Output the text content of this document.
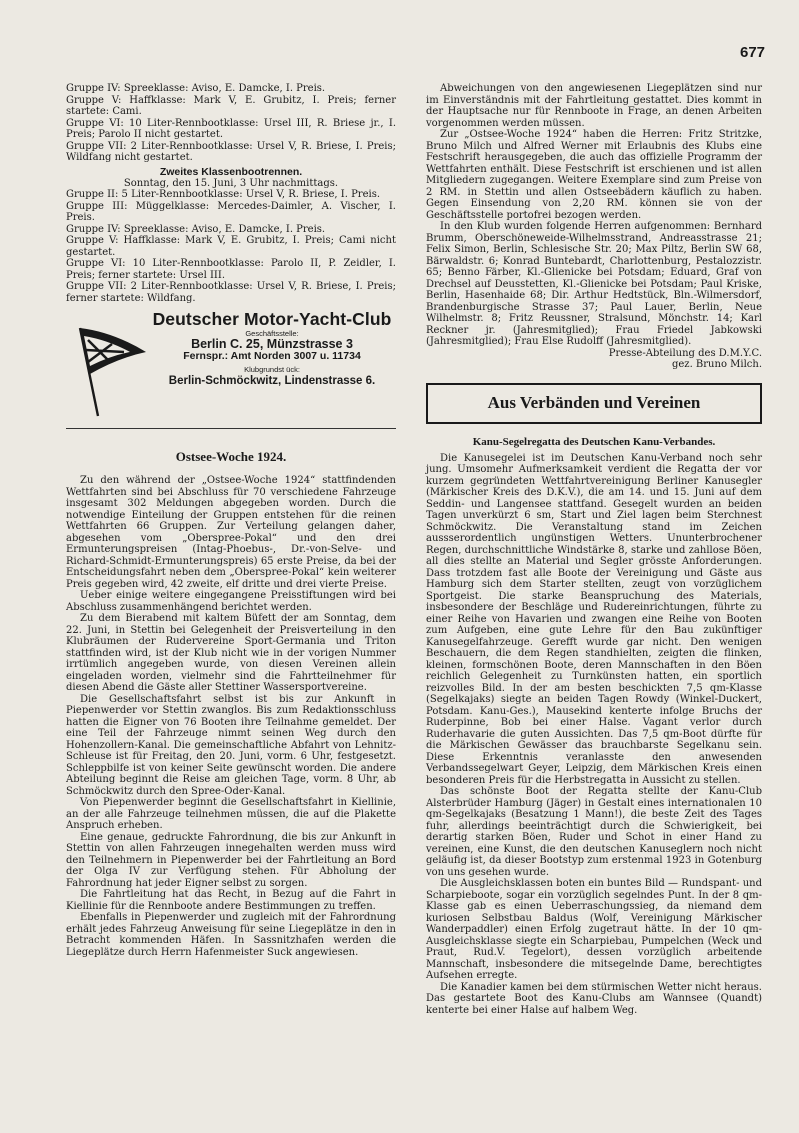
677

Gruppe IV: Spreeklasse: Aviso, E. Damcke, I. Preis.

Gruppe V: Haffklasse: Mark V, E. Grubitz, I. Preis; ferner startete: Cami.

Gruppe VI: 10 Liter-Rennbootklasse: Ursel III, R. Briese jr., I. Preis; Parolo II nicht gestartet.

Gruppe VII: 2 Liter-Rennbootklasse: Ursel V, R. Briese, I. Preis; Wildfang nicht gestartet.

Zweites Klassenbootrennen.

Sonntag, den 15. Juni, 3 Uhr nachmittags.

Gruppe II: 5 Liter-Rennbootklasse: Ursel V, R. Briese, I. Preis.

Gruppe III: Müggelklasse: Mercedes-Daimler, A. Vischer, I. Preis.

Gruppe IV: Spreeklasse: Aviso, E. Damcke, I. Preis.

Gruppe V: Haffklasse: Mark V, E. Grubitz, I. Preis; Cami nicht gestartet.

Gruppe VI: 10 Liter-Rennbootklasse: Parolo II, P. Zeidler, I. Preis; ferner startete: Ursel III.

Gruppe VII: 2 Liter-Rennbootklasse: Ursel V, R. Briese, I. Preis; ferner startete: Wildfang.

Deutscher Motor-Yacht-Club
Geschäftsstelle:
Berlin C. 25, Münzstrasse 3
Fernspr.: Amt Norden 3007 u. 11734
Klubgrundst ück:
Berlin-Schmöckwitz, Lindenstrasse 6.
Ostsee-Woche 1924.

Zu den während der „Ostsee-Woche 1924“ stattfindenden Wettfahrten sind bei Abschluss für 70 verschiedene Fahrzeuge insgesamt 302 Meldungen abgegeben worden. Durch die notwendige Einteilung der Gruppen entstehen für die reinen Wettfahrten 66 Gruppen. Zur Verteilung gelangen daher, abgesehen vom „Oberspree-Pokal“ und den drei Ermunterungspreisen (Intag-Phoebus-, Dr.-von-Selve- und Richard-Schmidt-Ermunterungspreis) 65 erste Preise, da bei der Entscheidungsfahrt neben dem „Oberspree-Pokal“ kein weiterer Preis gegeben wird, 42 zweite, elf dritte und drei vierte Preise.

Ueber einige weitere eingegangene Preisstiftungen wird bei Abschluss zusammenhängend berichtet werden.

Zu dem Bierabend mit kaltem Büfett der am Sonntag, dem 22. Juni, in Stettin bei Gelegenheit der Preisverteilung in den Klubräumen der Rudervereine Sport-Germania und Triton stattfinden wird, ist der Klub nicht wie in der vorigen Nummer irrtümlich angegeben wurde, von diesen Vereinen allein eingeladen worden, vielmehr sind die Fahrtteilnehmer für diesen Abend die Gäste aller Stettiner Wassersportvereine.

Die Gesellschaftsfahrt selbst ist bis zur Ankunft in Piepenwerder vor Stettin zwanglos. Bis zum Redaktionsschluss hatten die Eigner von 76 Booten ihre Teilnahme gemeldet. Der eine Teil der Fahrzeuge nimmt seinen Weg durch den Hohenzollern-Kanal. Die gemeinschaftliche Abfahrt von Lehnitz-Schleuse ist für Freitag, den 20. Juni, vorm. 6 Uhr, festgesetzt. Schleppbilfe ist von keiner Seite gewünscht worden. Die andere Abteilung beginnt die Reise am gleichen Tage, vorm. 8 Uhr, ab Schmöckwitz durch den Spree-Oder-Kanal.

Von Piepenwerder beginnt die Gesellschaftsfahrt in Kiellinie, an der alle Fahrzeuge teilnehmen müssen, die auf die Plakette Anspruch erheben.

Eine genaue, gedruckte Fahrordnung, die bis zur Ankunft in Stettin von allen Fahrzeugen innegehalten werden muss wird den Teilnehmern in Piepenwerder bei der Fahrtleitung an Bord der Olga IV zur Verfügung stehen. Für Abholung der Fahrordnung hat jeder Eigner selbst zu sorgen.

Die Fahrtleitung hat das Recht, in Bezug auf die Fahrt in Kiellinie für die Rennboote andere Bestimmungen zu treffen.

Ebenfalls in Piepenwerder und zugleich mit der Fahrordnung erhält jedes Fahrzeug Anweisung für seine Liegeplätze in den in Betracht kommenden Häfen. In Sassnitzhafen werden die Liegeplätze durch Herrn Hafenmeister Suck angewiesen.

Abweichungen von den angewiesenen Liegeplätzen sind nur im Einverständnis mit der Fahrtleitung gestattet. Dies kommt in der Hauptsache nur für Rennboote in Frage, an denen Arbeiten vorgenommen werden müssen.

Zur „Ostsee-Woche 1924“ haben die Herren: Fritz Stritzke, Bruno Milch und Alfred Werner mit Erlaubnis des Klubs eine Festschrift herausgegeben, die auch das offizielle Programm der Wettfahrten enthält. Diese Festschrift ist erschienen und ist allen Mitgliedern zugegangen. Weitere Exemplare sind zum Preise von 2 RM. in Stettin und allen Ostseebädern käuflich zu haben. Gegen Einsendung von 2,20 RM. können sie von der Geschäftsstelle portofrei bezogen werden.

In den Klub wurden folgende Herren aufgenommen: Bernhard Brumm, Oberschöneweide-Wilhelmsstrand, Andreasstrasse 21; Felix Simon, Berlin, Schlesische Str. 20; Max Piltz, Berlin SW 68, Bärwaldstr. 6; Konrad Buntebardt, Charlottenburg, Pestalozzistr. 65; Benno Färber, Kl.-Glienicke bei Potsdam; Eduard, Graf von Drechsel auf Deusstetten, Kl.-Glienicke bei Potsdam; Paul Kriske, Berlin, Hasenhaide 68; Dir. Arthur Hedtstück, Bln.-Wilmersdorf, Brandenburgische Strasse 37; Paul Lauer, Berlin, Neue Wilhelmstr. 8; Fritz Reussner, Stralsund, Mönchstr. 14; Karl Reckner jr. (Jahresmitglied); Frau Friedel Jabkowski (Jahresmitglied); Frau Else Rudolff (Jahresmitglied).

Presse-Abteilung des D.M.Y.C.

gez. Bruno Milch.

Aus Verbänden und Vereinen
Kanu-Segelregatta des Deutschen Kanu-Verbandes.

Die Kanusegelei ist im Deutschen Kanu-Verband noch sehr jung. Umsomehr Aufmerksamkeit verdient die Regatta der vor kurzem gegründeten Wettfahrtvereinigung Berliner Kanusegler (Märkischer Kreis des D.K.V.), die am 14. und 15. Juni auf dem Seddin- und Langensee stattfand. Gesegelt wurden an beiden Tagen unverkürzt 6 sm, Start und Ziel lagen beim Sterchnest Schmöckwitz. Die Veranstaltung stand im Zeichen aussserordentlich ungünstigen Wetters. Ununterbrochener Regen, durchschnittliche Windstärke 8, starke und zahllose Böen, all dies stellte an Material und Segler grösste Anforderungen. Dass trotzdem fast alle Boote der Vereinigung und Gäste aus Hamburg sich dem Starter stellten, zeugt von vorzüglichem Sportgeist. Die starke Beanspruchung des Materials, insbesondere der Beschläge und Rudereinrichtungen, führte zu einer Reihe von Havarien und zwangen eine Reihe von Booten zum Aufgeben, eine gute Lehre für den Bau zukünftiger Kanusegelfahrzeuge. Gerefft wurde gar nicht. Den wenigen Beschauern, die dem Regen standhielten, zeigten die flinken, kleinen, formschönen Boote, deren Mannschaften in den Böen reichlich Gelegenheit zu Turnkünsten hatten, ein sportlich reizvolles Bild. In der am besten beschickten 7,5 qm-Klasse (Segelkajaks) siegte an beiden Tagen Rowdy (Winkel-Duckert, Potsdam. Kanu-Ges.), Mausekind kenterte infolge Bruchs der Ruderpinne, Bob bei einer Halse. Vagant verlor durch Ruderhavarie die guten Aussichten. Das 7,5 qm-Boot dürfte für die Märkischen Gewässer das brauchbarste Segelkanu sein. Diese Erkenntnis veranlasste den anwesenden Verbandssegelwart Geyer, Leipzig, dem Märkischen Kreis einen besonderen Preis für die Herbstregatta in Aussicht zu stellen.

Das schönste Boot der Regatta stellte der Kanu-Club Alsterbrüder Hamburg (Jäger) in Gestalt eines internationalen 10 qm-Segelkajaks (Besatzung 1 Mann!), die beste Zeit des Tages fuhr, allerdings beeinträchtigt durch die Schwierigkeit, bei derartig starken Böen, Ruder und Schot in einer Hand zu vereinen, eine Kunst, die den deutschen Kanuseglern noch nicht geläufig ist, da dieser Bootstyp zum erstenmal 1923 in Gotenburg von uns gesehen wurde.

Die Ausgleichsklassen boten ein buntes Bild — Rundspant- und Scharpieboote, sogar ein vorzüglich segelndes Punt. In der 8 qm-Klasse gab es einen Ueberraschungssieg, da niemand dem kuriosen Selbstbau Baldus (Wolf, Vereinigung Märkischer Wanderpaddler) einen Erfolg zugetraut hätte. In der 10 qm-Ausgleichsklasse siegte ein Scharpiebau, Pumpelchen (Weck und Praut, Rud.V. Tegelort), dessen vorzüglich arbeitende Mannschaft, insbesondere die mitsegelnde Dame, berechtigtes Aufsehen erregte.

Die Kanadier kamen bei dem stürmischen Wetter nicht heraus. Das gestartete Boot des Kanu-Clubs am Wannsee (Quandt) kenterte bei einer Halse auf halbem Weg.
